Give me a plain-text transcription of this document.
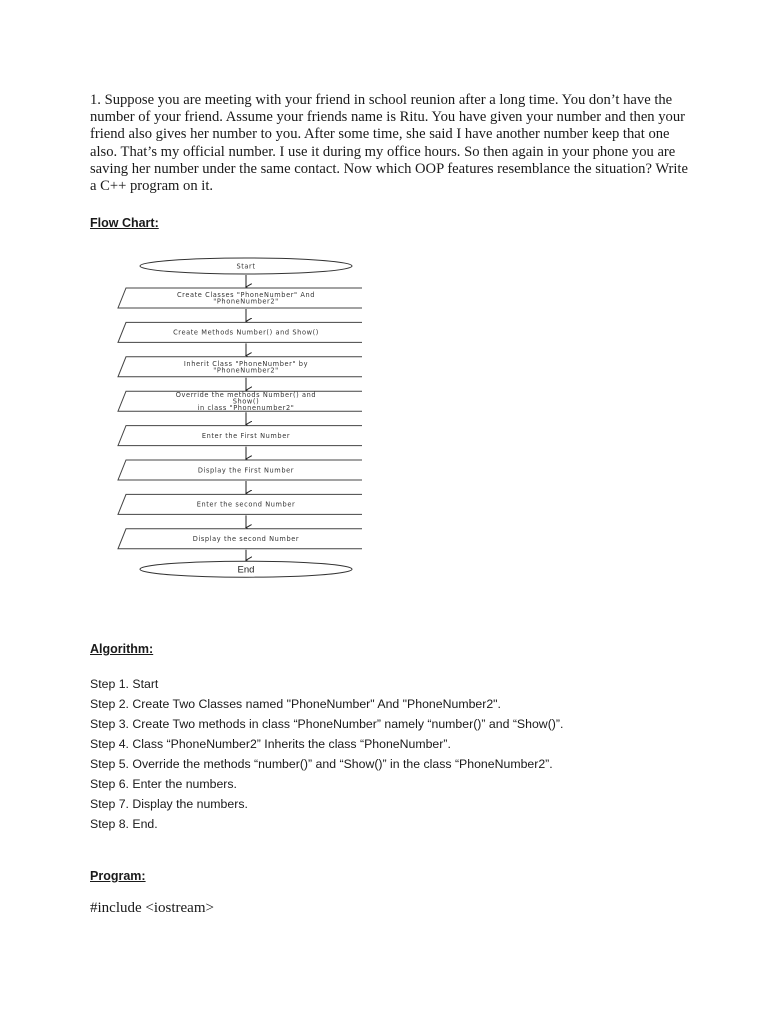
1. Suppose you are meeting with your friend in school reunion after a long time. You don’t have the number of your friend. Assume your friends name is Ritu. You have given your number and then your friend also gives her number to you. After some time, she said I have another number keep that one also. That’s my official number. I use it during my office hours. So then again in your phone you are saving her number under the same contact. Now which OOP features resemblance the situation? Write a C++ program on it.

Flow Chart:

Start
Create Classes "PhoneNumber" And
"PhoneNumber2"
Create Methods Number() and Show()
Inherit Class "PhoneNumber" by
"PhoneNumber2"
Override the methods Number() and
Show()
in class "Phonenumber2"
Enter the First Number
Display the First Number
Enter the second Number
Display the second Number
End

Algorithm:

Step 1. Start
Step 2. Create Two Classes named "PhoneNumber" And "PhoneNumber2".
Step 3. Create Two methods in class “PhoneNumber” namely “number()” and “Show()”.
Step 4. Class “PhoneNumber2” Inherits the class “PhoneNumber”.
Step 5. Override the methods “number()” and “Show()” in the class “PhoneNumber2”.
Step 6. Enter the numbers.
Step 7. Display the numbers.
Step 8. End.

Program:

#include <iostream>
